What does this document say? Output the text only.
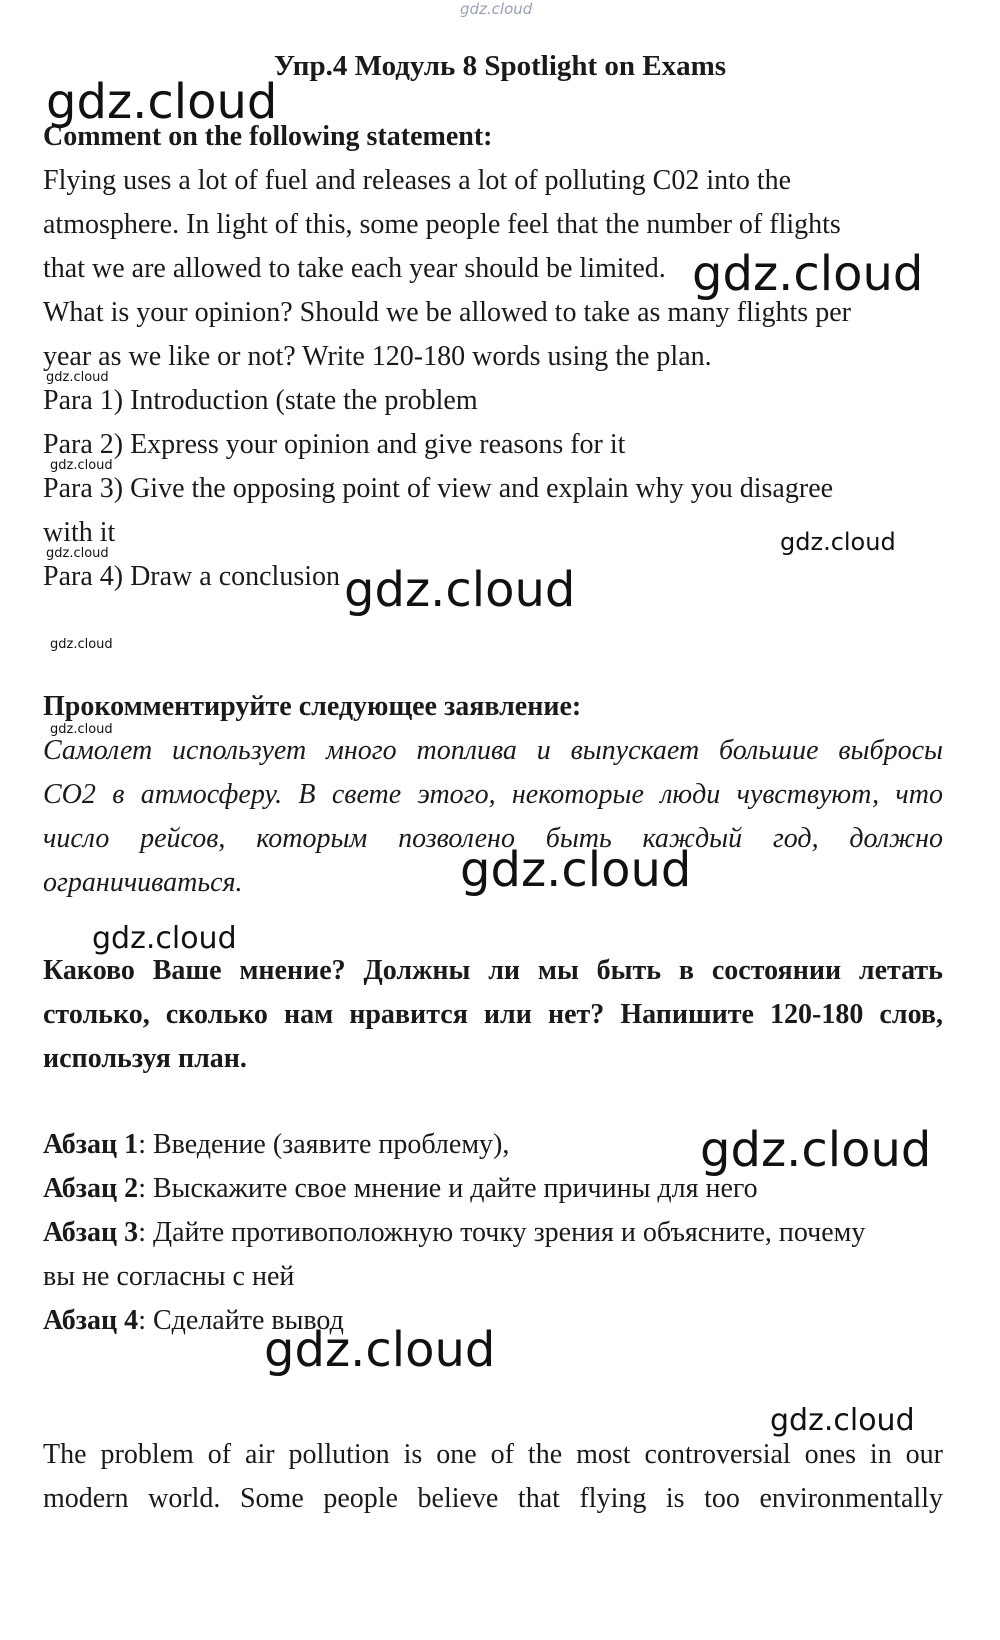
gdz.cloud
Упр.4 Модуль 8 Spotlight on Exams
Comment on the following statement:
Flying uses a lot of fuel and releases a lot of polluting C02 into the
atmosphere. In light of this, some people feel that the number of flights
that we are allowed to take each year should be limited.
What is your opinion? Should we be allowed to take as many flights per
year as we like or not? Write 120-180 words using the plan.
Para 1) Introduction (state the problem
Para 2) Express your opinion and give reasons for it
Para 3) Give the opposing point of view and explain why you disagree
with it
Para 4) Draw a conclusion
Прокомментируйте следующее заявление:
Самолет использует много топлива и выпускает большие выбросы
CO2 в атмосферу. В свете этого, некоторые люди чувствуют, что
число рейсов, которым позволено быть каждый год, должно
ограничиваться.
Каково Ваше мнение? Должны ли мы быть в состоянии летать
столько, сколько нам нравится или нет? Напишите 120-180 слов,
используя план.
Абзац 1: Введение (заявите проблему),
Абзац 2: Выскажите свое мнение и дайте причины для него
Абзац 3: Дайте противоположную точку зрения и объясните, почему
вы не согласны с ней
Абзац 4: Сделайте вывод
The problem of air pollution is one of the most controversial ones in our
modern world. Some people believe that flying is too environmentally
gdz.cloud
gdz.cloud
gdz.cloud
gdz.cloud
gdz.cloud
gdz.cloud
gdz.cloud
gdz.cloud
gdz.cloud
gdz.cloud
gdz.cloud
gdz.cloud
gdz.cloud
gdz.cloud
